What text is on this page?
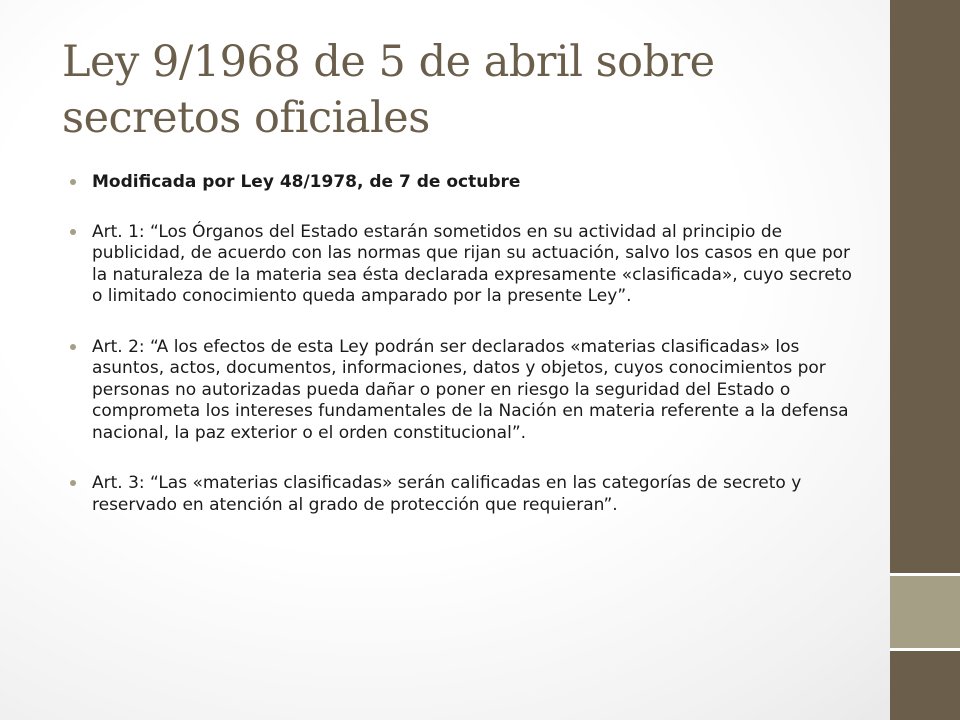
Ley 9/1968 de 5 de abril sobre secretos oficiales
Modificada por Ley 48/1978, de 7 de octubre
Art. 1: “Los Órganos del Estado estarán sometidos en su actividad al principio de publicidad, de acuerdo con las normas que rijan su actuación, salvo los casos en que por la naturaleza de la materia sea ésta declarada expresamente «clasificada», cuyo secreto o limitado conocimiento queda amparado por la presente Ley”.
Art. 2: “A los efectos de esta Ley podrán ser declarados «materias clasificadas» los asuntos, actos, documentos, informaciones, datos y objetos, cuyos conocimientos por personas no autorizadas pueda dañar o poner en riesgo la seguridad del Estado o comprometa los intereses fundamentales de la Nación en materia referente a la defensa nacional, la paz exterior o el orden constitucional”.
Art. 3: “Las «materias clasificadas» serán calificadas en las categorías de secreto y reservado en atención al grado de protección que requieran”.
